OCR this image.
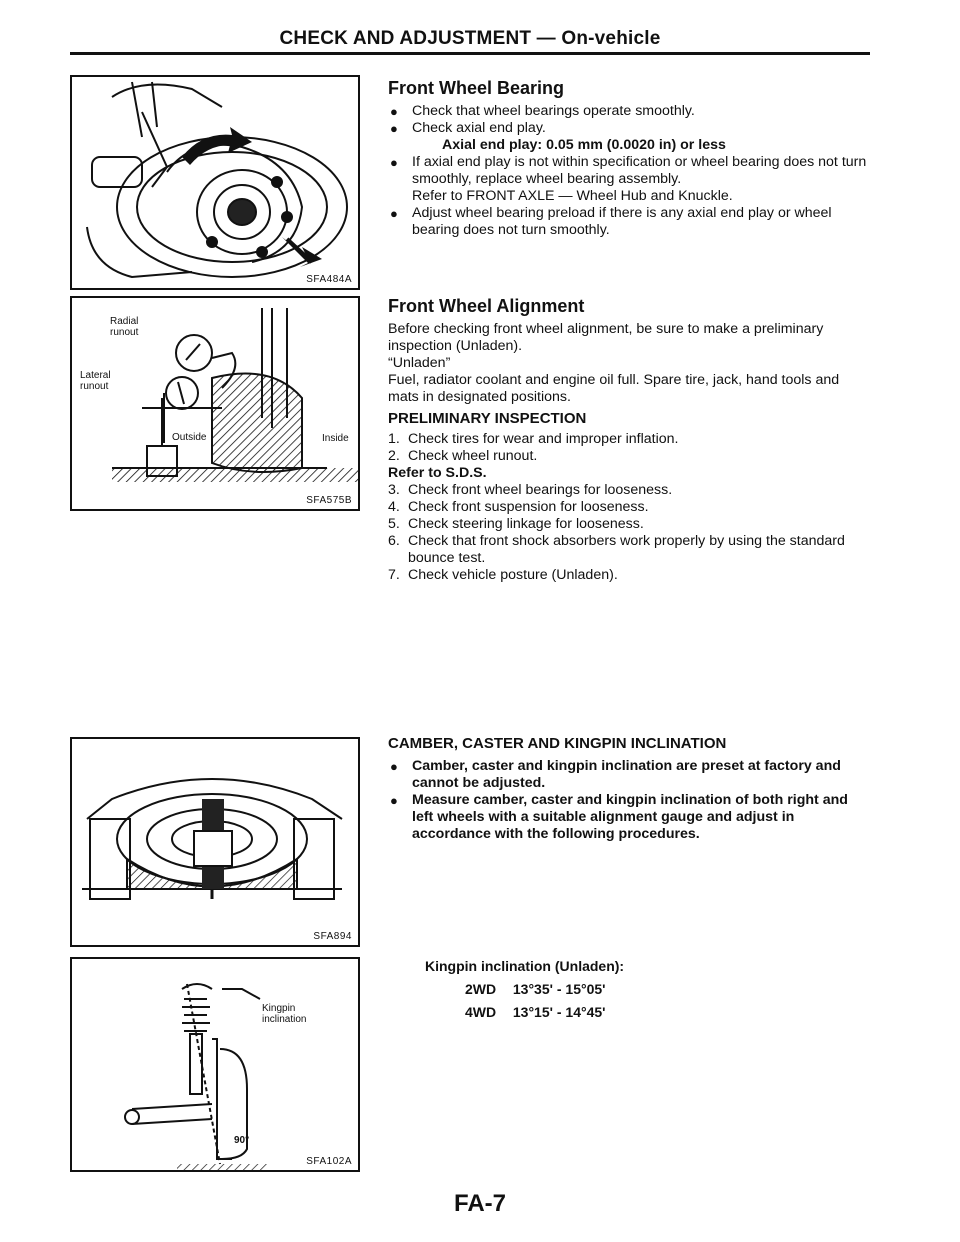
CHECK AND ADJUSTMENT — On-vehicle
SFA484A
Radial runout
Lateral runout
Outside	Inside
SFA575B
SFA894
Kingpin inclination
90°
SFA102A
Front Wheel Bearing

● Check that wheel bearings operate smoothly.

● Check axial end play.

Axial end play: 0.05 mm (0.0020 in) or less

● If axial end play is not within specification or wheel bearing does not turn smoothly, replace wheel bearing assembly.

Refer to FRONT AXLE — Wheel Hub and Knuckle.

● Adjust wheel bearing preload if there is any axial end play or wheel bearing does not turn smoothly.

Front Wheel Alignment

Before checking front wheel alignment, be sure to make a preliminary inspection (Unladen).

“Unladen”

Fuel, radiator coolant and engine oil full. Spare tire, jack, hand tools and mats in designated positions.

PRELIMINARY INSPECTION

1. Check tires for wear and improper inflation.

2. Check wheel runout.

Refer to S.D.S.

3. Check front wheel bearings for looseness.

4. Check front suspension for looseness.

5. Check steering linkage for looseness.

6. Check that front shock absorbers work properly by using the standard bounce test.

7. Check vehicle posture (Unladen).

CAMBER, CASTER AND KINGPIN INCLINATION

● Camber, caster and kingpin inclination are preset at factory and cannot be adjusted.

● Measure camber, caster and kingpin inclination of both right and left wheels with a suitable alignment gauge and adjust in accordance with the following procedures.

Kingpin inclination (Unladen):
2WD 13°35' - 15°05'
4WD 13°15' - 14°45'
FA-7
